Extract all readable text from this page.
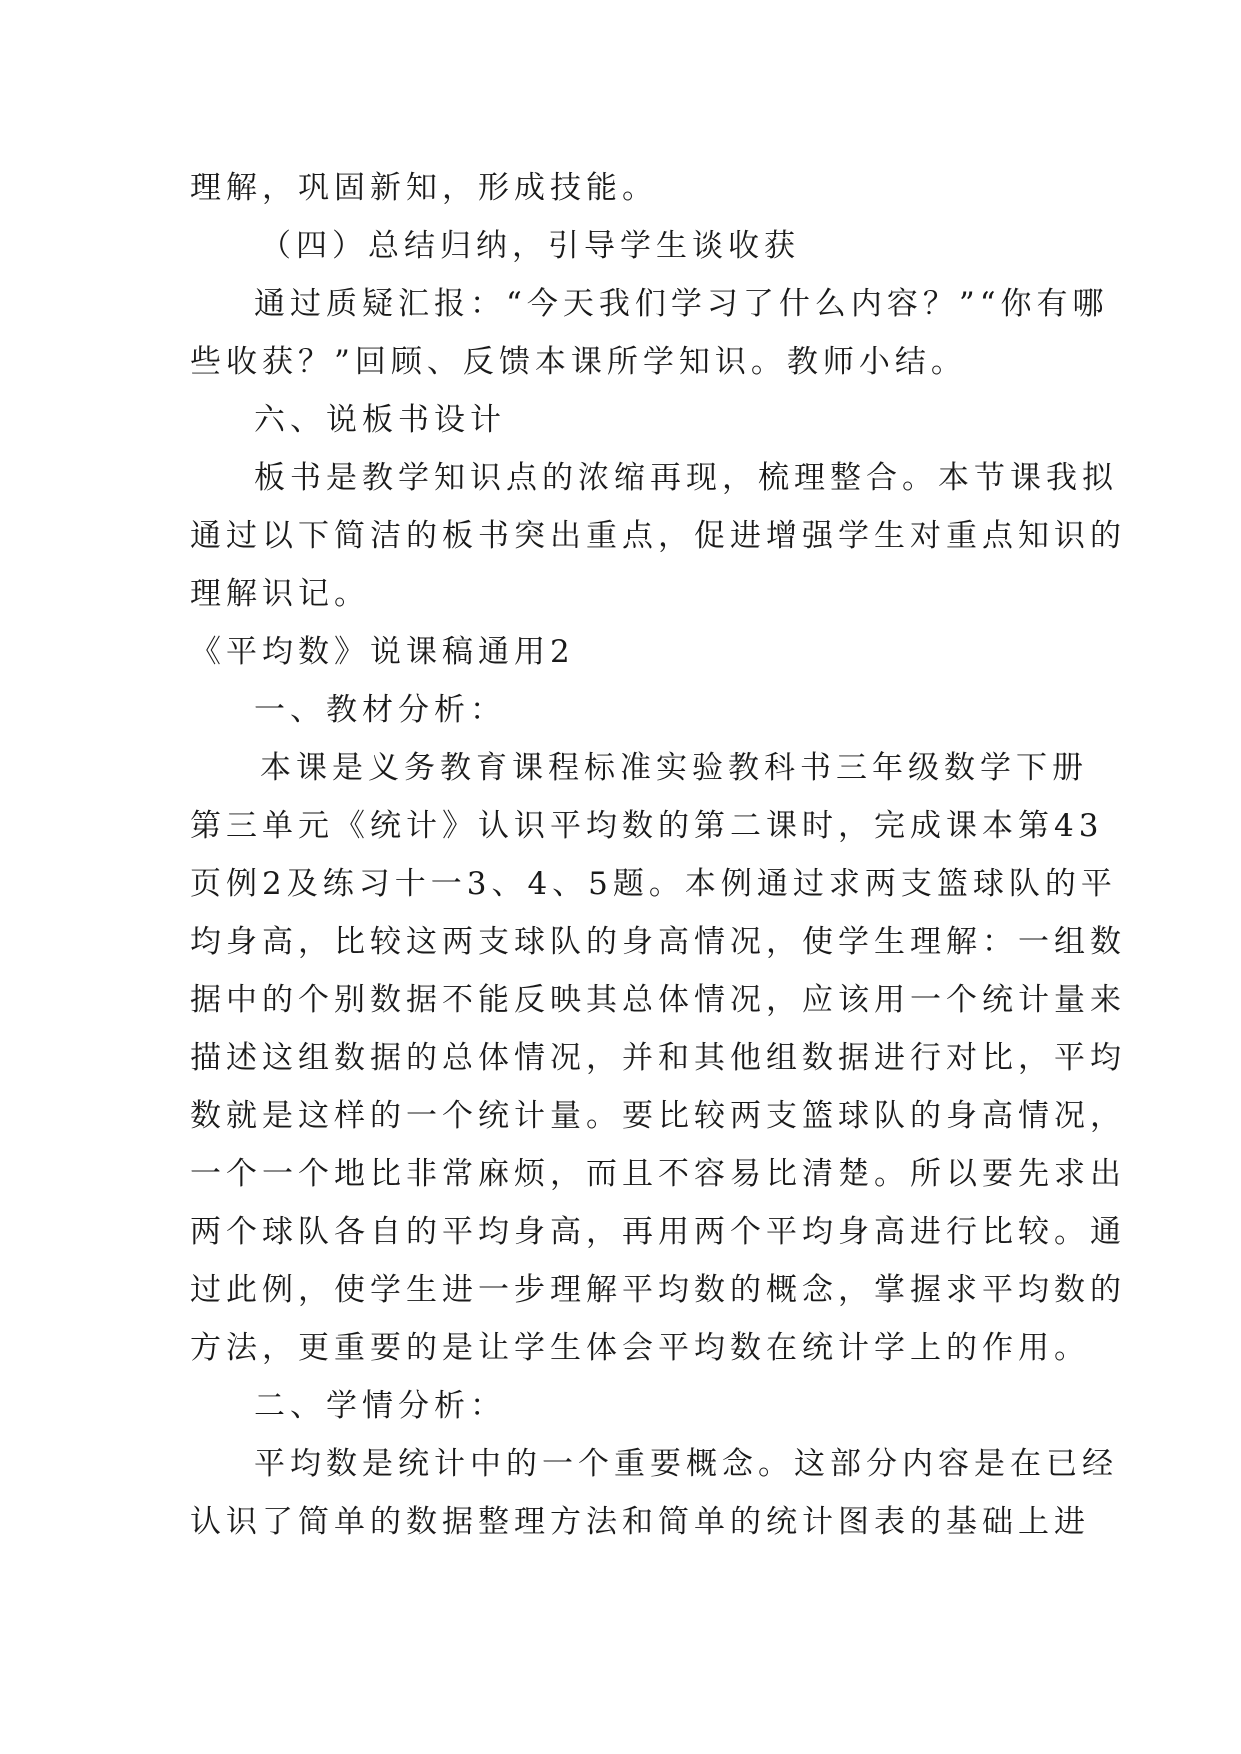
理解，巩固新知，形成技能。
（四）总结归纳，引导学生谈收获
通过质疑汇报：“今天我们学习了什么内容？”“你有哪
些收获？”回顾、反馈本课所学知识。教师小结。
六、说板书设计
板书是教学知识点的浓缩再现，梳理整合。本节课我拟
通过以下简洁的板书突出重点，促进增强学生对重点知识的
理解识记。
《平均数》说课稿通用2
一、教材分析：
本课是义务教育课程标准实验教科书三年级数学下册
第三单元《统计》认识平均数的第二课时，完成课本第43
页例2及练习十一3、4、5题。本例通过求两支篮球队的平
均身高，比较这两支球队的身高情况，使学生理解：一组数
据中的个别数据不能反映其总体情况，应该用一个统计量来
描述这组数据的总体情况，并和其他组数据进行对比，平均
数就是这样的一个统计量。要比较两支篮球队的身高情况，
一个一个地比非常麻烦，而且不容易比清楚。所以要先求出
两个球队各自的平均身高，再用两个平均身高进行比较。通
过此例，使学生进一步理解平均数的概念，掌握求平均数的
方法，更重要的是让学生体会平均数在统计学上的作用。
二、学情分析：
平均数是统计中的一个重要概念。这部分内容是在已经
认识了简单的数据整理方法和简单的统计图表的基础上进
